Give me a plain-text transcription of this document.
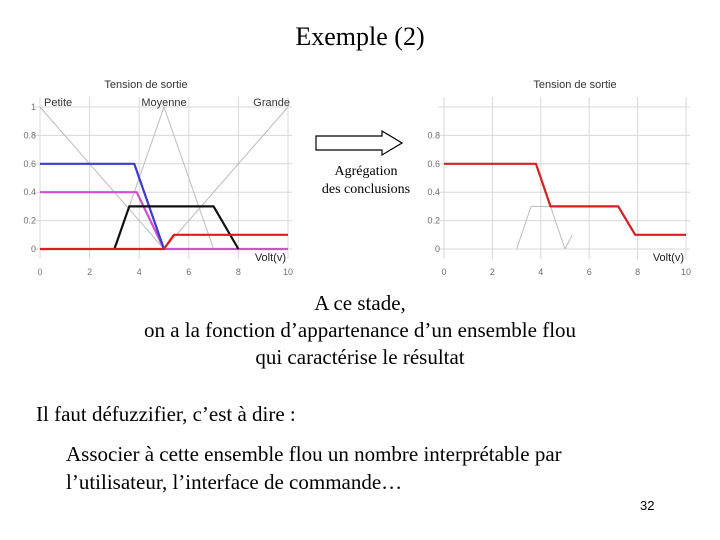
Exemple (2)
0	2	4	6	8	10
0
0.2
0.4
0.6
0.8
1
Tension de sortie
Volt(v)
Petite	Moyenne	Grande
Agrégation
des conclusions
0	2	4	6	8	10
0
0.2
0.4
0.6
0.8
Tension de sortie
Volt(v)
A ce stade,
on a la fonction d’appartenance d’un ensemble flou
qui caractérise le résultat
Il faut défuzzifier, c’est à dire :
Associer à cette ensemble flou un nombre interprétable par l’utilisateur, l’interface de commande…
32
